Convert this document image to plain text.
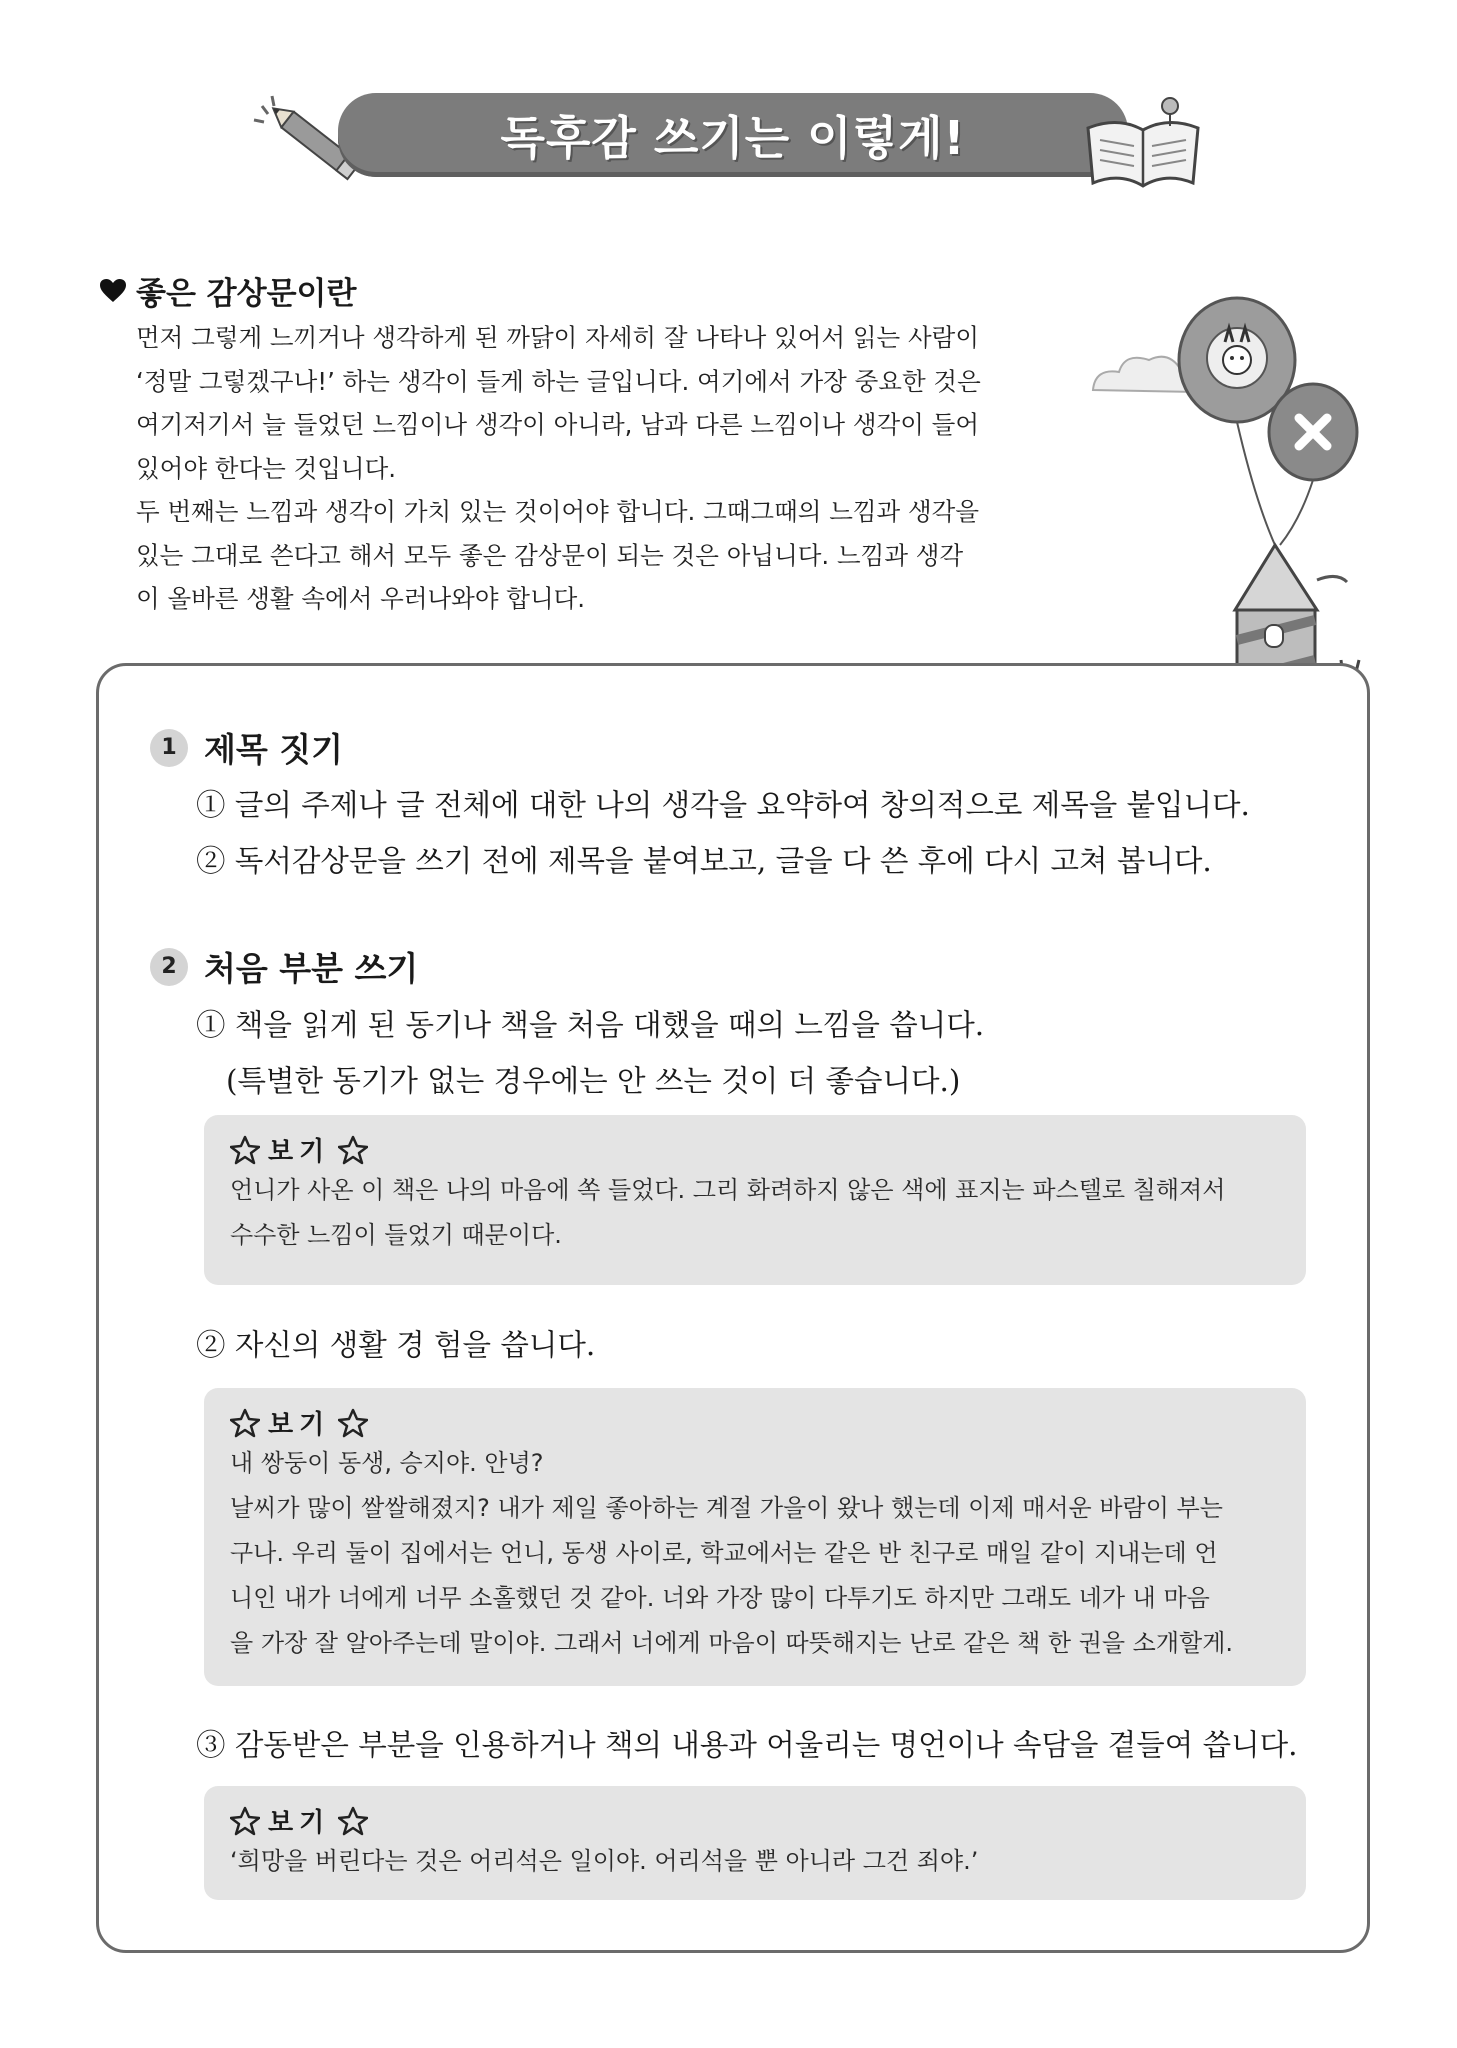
독후감 쓰기는 이렇게!
좋은 감상문이란

먼저 그렇게 느끼거나 생각하게 된 까닭이 자세히 잘 나타나 있어서 읽는 사람이

‘정말 그렇겠구나!’ 하는 생각이 들게 하는 글입니다. 여기에서 가장 중요한 것은

여기저기서 늘 들었던 느낌이나 생각이 아니라, 남과 다른 느낌이나 생각이 들어

있어야 한다는 것입니다.

두 번째는 느낌과 생각이 가치 있는 것이어야 합니다. 그때그때의 느낌과 생각을

있는 그대로 쓴다고 해서 모두 좋은 감상문이 되는 것은 아닙니다. 느낌과 생각

이 올바른 생활 속에서 우러나와야 합니다.

1 제목 짓기
① 글의 주제나 글 전체에 대한 나의 생각을 요약하여 창의적으로 제목을 붙입니다.
② 독서감상문을 쓰기 전에 제목을 붙여보고, 글을 다 쓴 후에 다시 고쳐 봅니다.
2 처음 부분 쓰기
① 책을 읽게 된 동기나 책을 처음 대했을 때의 느낌을 씁니다.
(특별한 동기가 없는 경우에는 안 쓰는 것이 더 좋습니다.)
보기

언니가 사온 이 책은 나의 마음에 쏙 들었다. 그리 화려하지 않은 색에 표지는 파스텔로 칠해져서

수수한 느낌이 들었기 때문이다.

② 자신의 생활 경 험을 씁니다.
보기

내 쌍둥이 동생, 승지야. 안녕?

날씨가 많이 쌀쌀해졌지? 내가 제일 좋아하는 계절 가을이 왔나 했는데 이제 매서운 바람이 부는

구나. 우리 둘이 집에서는 언니, 동생 사이로, 학교에서는 같은 반 친구로 매일 같이 지내는데 언

니인 내가 너에게 너무 소홀했던 것 같아. 너와 가장 많이 다투기도 하지만 그래도 네가 내 마음

을 가장 잘 알아주는데 말이야. 그래서 너에게 마음이 따뜻해지는 난로 같은 책 한 권을 소개할게.

③ 감동받은 부분을 인용하거나 책의 내용과 어울리는 명언이나 속담을 곁들여 씁니다.
보기

‘희망을 버린다는 것은 어리석은 일이야. 어리석을 뿐 아니라 그건 죄야.’
